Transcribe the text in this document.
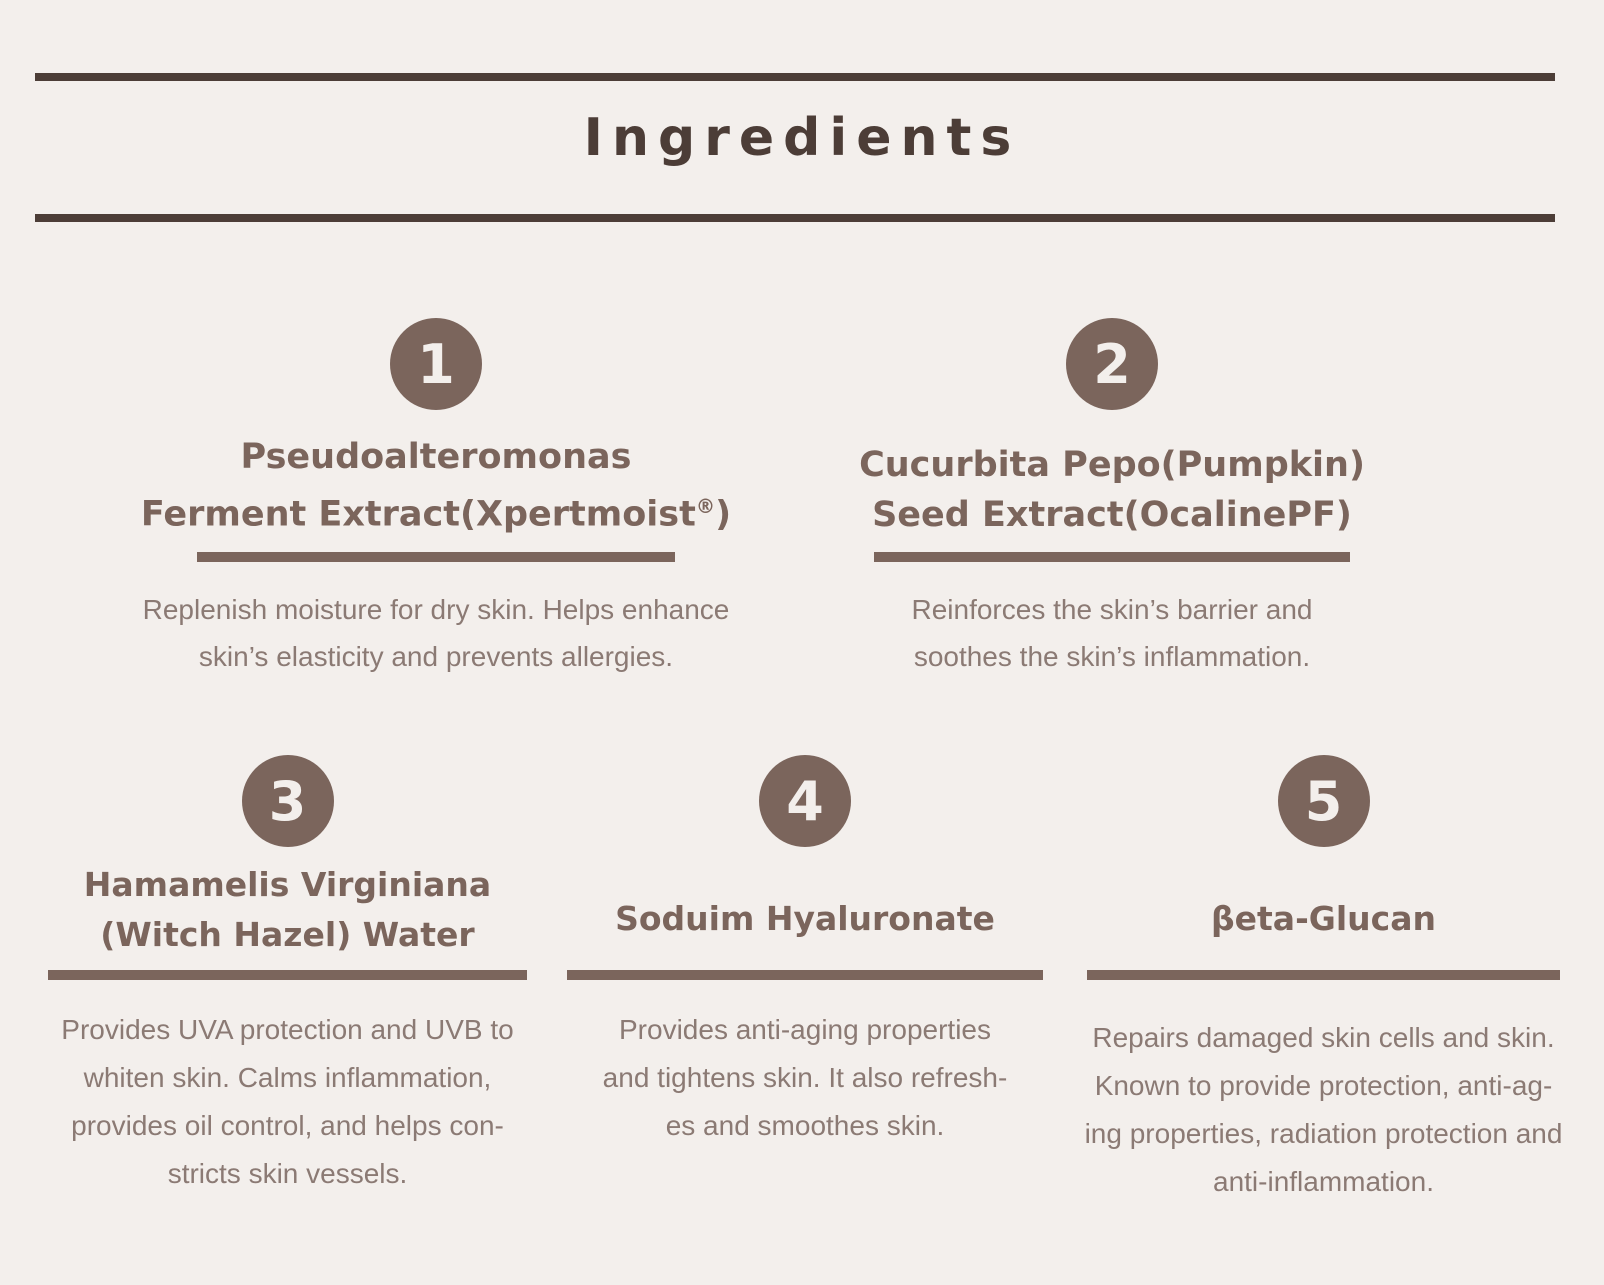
Ingredients
1
Pseudoalteromonas
Ferment Extract(Xpertmoist®)
Replenish moisture for dry skin. Helps enhance
skin’s elasticity and prevents allergies.
2
Cucurbita Pepo(Pumpkin)
Seed Extract(OcalinePF)
Reinforces the skin’s barrier and
soothes the skin’s inflammation.
3
Hamamelis Virginiana
(Witch Hazel) Water
Provides UVA protection and UVB to
whiten skin. Calms inflammation,
provides oil control, and helps con-
stricts skin vessels.
4
Soduim Hyaluronate
Provides anti-aging properties
and tightens skin. It also refresh-
es and smoothes skin.
5
βeta-Glucan
Repairs damaged skin cells and skin.
Known to provide protection, anti-ag-
ing properties, radiation protection and
anti-inflammation.
